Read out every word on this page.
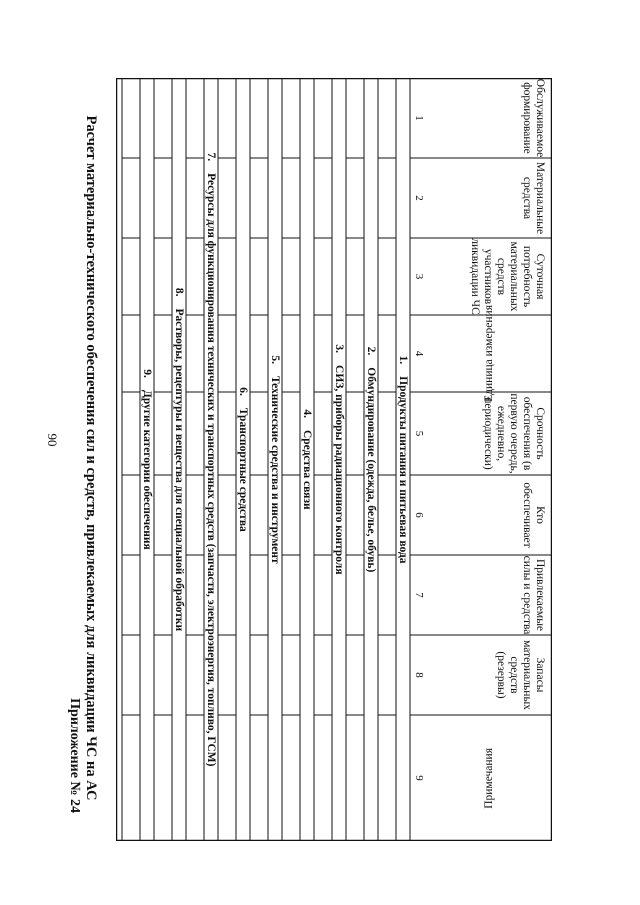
90 Расчет материально-технического обеспечения сил и средств, привлекаемых для ликвидации ЧС на АС
Приложение № 24
Обслуживаемое формирование
Материальные средства
Суточная потребность материальных средств участников ликвидации ЧС
Единица измерения
Срочность обеспечения (в первую очередь, ежедневно, периодически)
Кто обеспечивает
Привлекаемые силы и средства
Запасы материальных средств (резервы)
Примечания
1
2
3
4
5
6
7
8
9
1.Продукты питания и питьевая вода
2.Обмундирование (одежда, белье, обувь)
3.СИЗ, приборы радиационного контроля
4.Средства связи
5.Технические средства и инструмент
6.Транспортные средства
7.Ресурсы для функционирования технических и транспортных средств (запчасти, электроэнергия, топливо, ГСМ)
8.Растворы, рецептуры и вещества для специальной обработки
9.Другие категории обеспечения
